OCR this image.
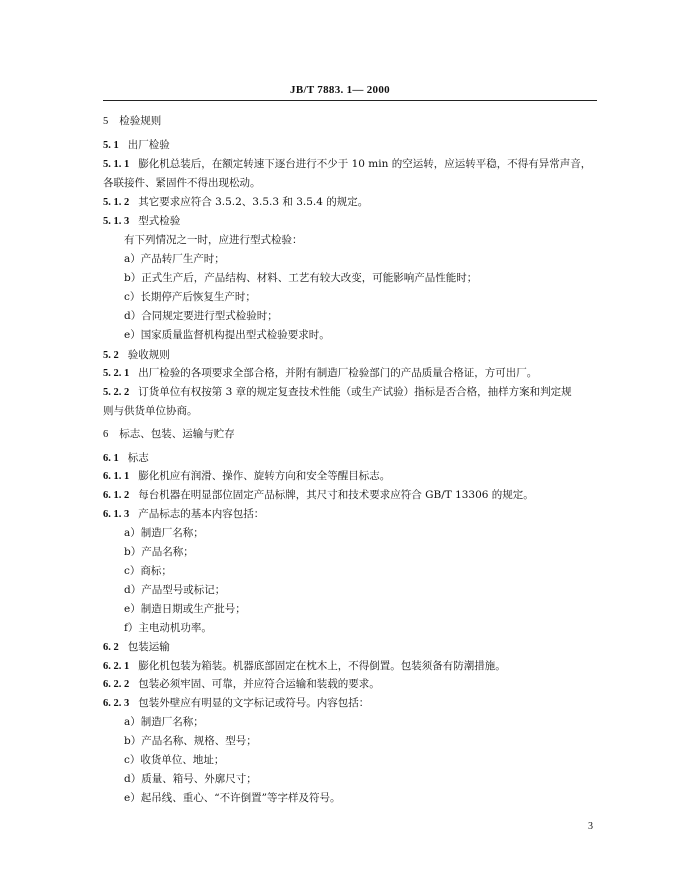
JB/T 7883. 1— 2000
5 检验规则
5. 1 出厂检验
5. 1. 1 膨化机总装后，在额定转速下逐台进行不少于 10 min 的空运转，应运转平稳，不得有异常声音，
各联接件、紧固件不得出现松动。
5. 1. 2 其它要求应符合 3.5.2、3.5.3 和 3.5.4 的规定。
5. 1. 3 型式检验
有下列情况之一时，应进行型式检验：
a）产品转厂生产时；
b）正式生产后，产品结构、材料、工艺有较大改变，可能影响产品性能时；
c）长期停产后恢复生产时；
d）合同规定要进行型式检验时；
e）国家质量监督机构提出型式检验要求时。
5. 2 验收规则
5. 2. 1 出厂检验的各项要求全部合格，并附有制造厂检验部门的产品质量合格证，方可出厂。
5. 2. 2 订货单位有权按第 3 章的规定复查技术性能（或生产试验）指标是否合格，抽样方案和判定规
则与供货单位协商。
6 标志、包装、运输与贮存
6. 1 标志
6. 1. 1 膨化机应有润滑、操作、旋转方向和安全等醒目标志。
6. 1. 2 每台机器在明显部位固定产品标牌，其尺寸和技术要求应符合 GB/T 13306 的规定。
6. 1. 3 产品标志的基本内容包括：
a）制造厂名称；
b）产品名称；
c）商标；
d）产品型号或标记；
e）制造日期或生产批号；
f）主电动机功率。
6. 2 包装运输
6. 2. 1 膨化机包装为箱装。机器底部固定在枕木上，不得倒置。包装须备有防潮措施。
6. 2. 2 包装必须牢固、可靠，并应符合运输和装载的要求。
6. 2. 3 包装外壁应有明显的文字标记或符号。内容包括：
a）制造厂名称；
b）产品名称、规格、型号；
c）收货单位、地址；
d）质量、箱号、外廓尺寸；
e）起吊线、重心、“不许倒置”等字样及符号。
3
